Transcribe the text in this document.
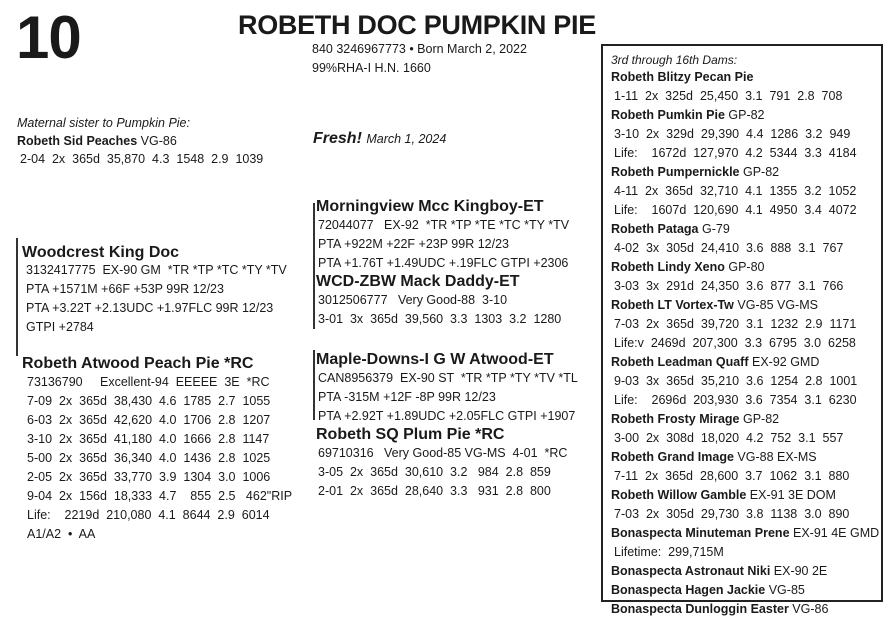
10	ROBETH DOC PUMPKIN PIE
840 3246967773 • Born March 2, 2022
99%RHA-I H.N. 1660
Maternal sister to Pumpkin Pie:
Robeth Sid Peaches VG-86
2-04  2x  365d  35,870  4.3  1548  2.9  1039
Fresh! March 1, 2024
Woodcrest King Doc
3132417775  EX-90 GM  *TR *TP *TC *TY *TV
PTA +1571M +66F +53P 99R 12/23
PTA +3.22T +2.13UDC +1.97FLC 99R 12/23
GTPI +2784
Morningview Mcc Kingboy-ET
72044077   EX-92  *TR *TP *TE *TC *TY *TV
PTA +922M +22F +23P 99R 12/23
PTA +1.76T +1.49UDC +.19FLC GTPI +2306
WCD-ZBW Mack Daddy-ET
3012506777   Very Good-88  3-10
3-01  3x  365d  39,560  3.3  1303  3.2  1280
Robeth Atwood Peach Pie *RC
73136790     Excellent-94  EEEEE  3E  *RC
7-09  2x  365d  38,430  4.6  1785  2.7  1055
6-03  2x  365d  42,620  4.0  1706  2.8  1207
3-10  2x  365d  41,180  4.0  1666  2.8  1147
5-00  2x  365d  36,340  4.0  1436  2.8  1025
2-05  2x  365d  33,770  3.9  1304  3.0  1006
9-04  2x  156d  18,333  4.7    855  2.5   462"RIP
Life:    2219d  210,080  4.1  8644  2.9  6014
A1/A2  •  AA
Maple-Downs-I G W Atwood-ET
CAN8956379  EX-90 ST  *TR *TP *TY *TV *TL
PTA -315M +12F -8P 99R 12/23
PTA +2.92T +1.89UDC +2.05FLC GTPI +1907
Robeth SQ Plum Pie *RC
69710316   Very Good-85 VG-MS  4-01  *RC
3-05  2x  365d  30,610  3.2   984  2.8  859
2-01  2x  365d  28,640  3.3   931  2.8  800
3rd through 16th Dams:
Robeth Blitzy Pecan Pie
1-11  2x  325d  25,450  3.1  791  2.8  708
Robeth Pumkin Pie GP-82
3-10  2x  329d  29,390  4.4  1286  3.2  949
Life:    1672d  127,970  4.2  5344  3.3  4184
Robeth Pumpernickle GP-82
4-11  2x  365d  32,710  4.1  1355  3.2  1052
Life:    1607d  120,690  4.1  4950  3.4  4072
Robeth Pataga G-79
4-02  3x  305d  24,410  3.6  888  3.1  767
Robeth Lindy Xeno GP-80
3-03  3x  291d  24,350  3.6  877  3.1  766
Robeth LT Vortex-Tw VG-85 VG-MS
7-03  2x  365d  39,720  3.1  1232  2.9  1171
Life:v  2469d  207,300  3.3  6795  3.0  6258
Robeth Leadman Quaff EX-92 GMD
9-03  3x  365d  35,210  3.6  1254  2.8  1001
Life:    2696d  203,930  3.6  7354  3.1  6230
Robeth Frosty Mirage GP-82
3-00  2x  308d  18,020  4.2  752  3.1  557
Robeth Grand Image VG-88 EX-MS
7-11  2x  365d  28,600  3.7  1062  3.1  880
Robeth Willow Gamble EX-91 3E DOM
7-03  2x  305d  29,730  3.8  1138  3.0  890
Bonaspecta Minuteman Prene EX-91 4E GMD
Lifetime:  299,715M
Bonaspecta Astronaut Niki EX-90 2E
Bonaspecta Hagen Jackie VG-85
Bonaspecta Dunloggin Easter VG-86
